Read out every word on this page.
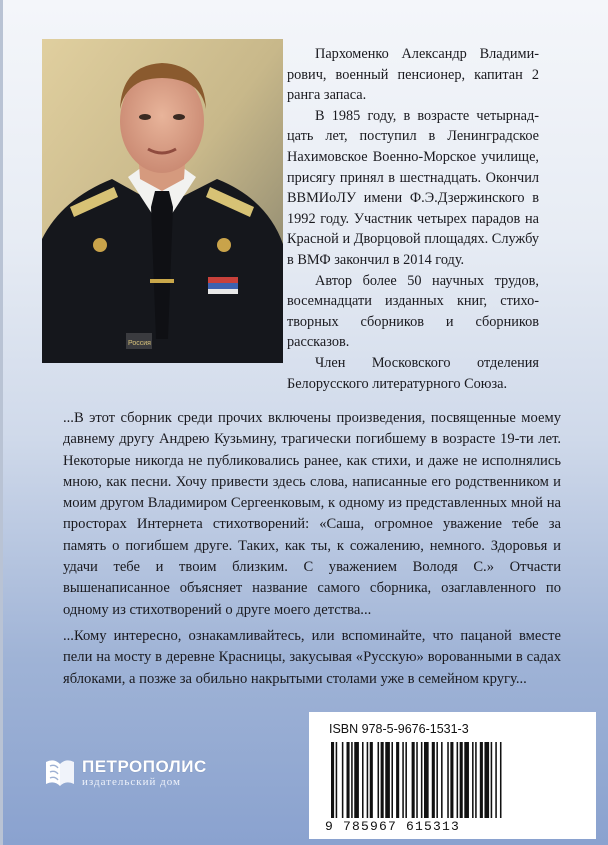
Россия

Пархоменко Александр Владимирович, военный пенсионер, капитан 2 ранга запаса.

В 1985 году, в возрасте четырнадцать лет, поступил в Ленинградское Нахимовское Военно-Морское училище, присягу принял в шестнадцать. Окончил ВВМИоЛУ имени Ф.Э.Дзержинского в 1992 году. Участник четырех парадов на Красной и Дворцовой площадях. Службу в ВМФ закончил в 2014 году.

Автор более 50 научных трудов, восемнадцати изданных книг, стихотворных сборников и сборников рассказов.

Член Московского отделения Белорусского литературного Союза.

...В этот сборник среди прочих включены произведения, посвященные моему давнему другу Андрею Кузьмину, трагически погибшему в возрасте 19-ти лет. Некоторые никогда не публиковались ранее, как стихи, и даже не исполнялись мною, как песни. Хочу привести здесь слова, написанные его родственником и моим другом Владимиром Сергеенковым, к одному из представленных мной на просторах Интернета стихотворений: «Саша, огромное уважение тебе за память о погибшем друге. Таких, как ты, к сожалению, немного. Здоровья и удачи тебе и твоим близким. С уважением Володя С.» Отчасти вышенаписанное объясняет название самого сборника, озаглавленного по одному из стихотворений о друге моего детства...

...Кому интересно, ознакамливайтесь, или вспоминайте, что пацаной вместе пели на мосту в деревне Красницы, закусывая «Русскую» ворованными в садах яблоками, а позже за обильно накрытыми столами уже в семейном кругу...

ПЕТРОПОЛИС
издательский дом
ISBN 978-5-9676-1531-3
9 785967 615313
